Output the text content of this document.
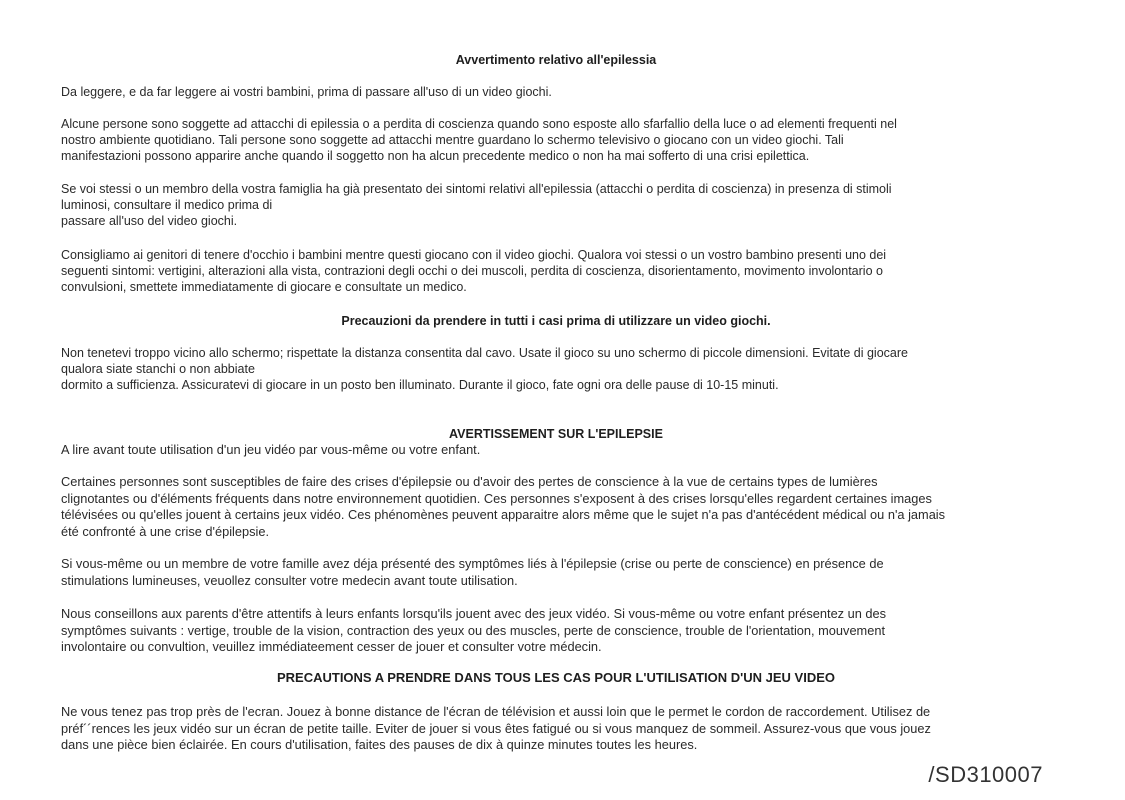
Avvertimento relativo all'epilessia
Da leggere, e da far leggere ai vostri bambini, prima di passare all'uso di un video giochi.
Alcune persone sono soggette ad attacchi di epilessia o a perdita di coscienza quando sono esposte allo sfarfallio della luce o ad elementi frequenti nel
nostro ambiente quotidiano. Tali persone sono soggette ad attacchi mentre guardano lo schermo televisivo o giocano con un video giochi. Tali
manifestazioni possono apparire anche quando il soggetto non ha alcun precedente medico o non ha mai sofferto di una crisi epilettica.
Se voi stessi o un membro della vostra famiglia ha già presentato dei sintomi relativi all'epilessia (attacchi o perdita di coscienza) in presenza di stimoli
luminosi, consultare il medico prima di
passare all'uso del video giochi.
Consigliamo ai genitori di tenere d'occhio i bambini mentre questi giocano con il video giochi. Qualora voi stessi o un vostro bambino presenti uno dei
seguenti sintomi: vertigini, alterazioni alla vista, contrazioni degli occhi o dei muscoli, perdita di coscienza, disorientamento, movimento involontario o
convulsioni, smettete immediatamente di giocare e consultate un medico.
Precauzioni da prendere in tutti i casi prima di utilizzare un video giochi.
Non tenetevi troppo vicino allo schermo; rispettate la distanza consentita dal cavo. Usate il gioco su uno schermo di piccole dimensioni. Evitate di giocare
qualora siate stanchi o non abbiate
dormito a sufficienza. Assicuratevi di giocare in un posto ben illuminato. Durante il gioco, fate ogni ora delle pause di 10-15 minuti.
AVERTISSEMENT SUR L'EPILEPSIE
A lire avant toute utilisation d'un jeu vidéo par vous-même ou votre enfant.
Certaines personnes sont susceptibles de faire des crises d'épilepsie ou d'avoir des pertes de conscience à la vue de certains types de lumières
clignotantes ou d'éléments fréquents dans notre environnement quotidien. Ces personnes s'exposent à des crises lorsqu'elles regardent certaines images
télévisées ou qu'elles jouent à certains jeux vidéo. Ces phénomènes peuvent apparaitre alors même que le sujet n'a pas d'antécédent médical ou n'a jamais
été confronté à une crise d'épilepsie.
Si vous-même ou un membre de votre famille avez déja présenté des symptômes liés à l'épilepsie (crise ou perte de conscience) en présence de
stimulations lumineuses, veuollez consulter votre medecin avant toute utilisation.
Nous conseillons aux parents d'être attentifs à leurs enfants lorsqu'ils jouent avec des jeux vidéo. Si vous-même ou votre enfant présentez un des
symptômes suivants : vertige, trouble de la vision, contraction des yeux ou des muscles, perte de conscience, trouble de l'orientation, mouvement
involontaire ou convultion, veuillez immédiateement cesser de jouer et consulter votre médecin.
PRECAUTIONS A PRENDRE DANS TOUS LES CAS POUR L'UTILISATION D'UN JEU VIDEO
Ne vous tenez pas trop près de l'ecran. Jouez à bonne distance de l'écran de télévision et aussi loin que le permet le cordon de raccordement. Utilisez de
préf´´rences les jeux vidéo sur un écran de petite taille. Eviter de jouer si vous êtes fatigué ou si vous manquez de sommeil. Assurez-vous que vous jouez
dans une pièce bien éclairée. En cours d'utilisation, faites des pauses de dix à quinze minutes toutes les heures.
/SD310007
